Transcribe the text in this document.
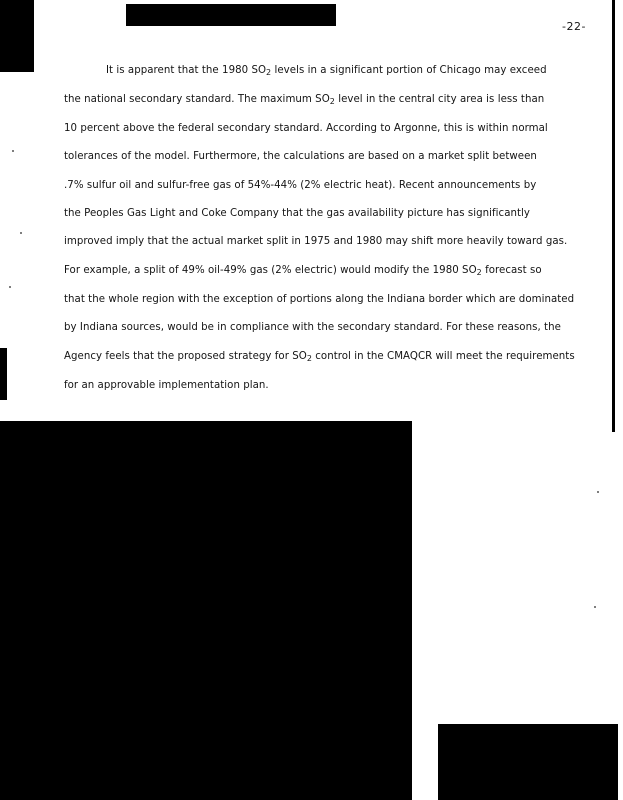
-22-
It is apparent that the 1980 $SO_2$ levels in a significant portion of Chicago may exceed
the national secondary standard. The maximum $SO_2$ level in the central city area is less than
10 percent above the federal secondary standard. According to Argonne, this is within normal
tolerances of the model. Furthermore, the calculations are based on a market split between
.7% sulfur oil and sulfur-free gas of 54%-44% (2% electric heat). Recent announcements by
the Peoples Gas Light and Coke Company that the gas availability picture has significantly
improved imply that the actual market split in 1975 and 1980 may shift more heavily toward gas.
For example, a split of 49% oil-49% gas (2% electric) would modify the 1980 $SO_2$ forecast so
that the whole region with the exception of portions along the Indiana border which are dominated
by Indiana sources, would be in compliance with the secondary standard. For these reasons, the
Agency feels that the proposed strategy for $SO_2$ control in the CMAQCR will meet the requirements
for an approvable implementation plan.
